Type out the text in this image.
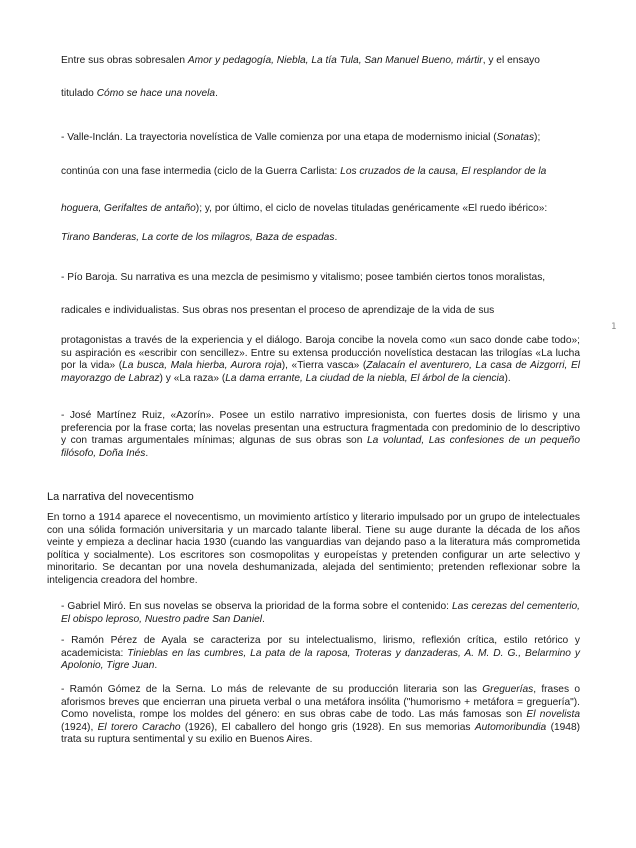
Entre sus obras sobresalen Amor y pedagogía, Niebla, La tía Tula, San Manuel Bueno, mártir, y el ensayo
titulado Cómo se hace una novela.
- Valle-Inclán. La trayectoria novelística de Valle comienza por una etapa de modernismo inicial (Sonatas);
continúa con una fase intermedia (ciclo de la Guerra Carlista: Los cruzados de la causa, El resplandor de la
hoguera, Gerifaltes de antaño); y, por último, el ciclo de novelas tituladas genéricamente «El ruedo ibérico»:
Tirano Banderas, La corte de los milagros, Baza de espadas.
- Pío Baroja. Su narrativa es una mezcla de pesimismo y vitalismo; posee también ciertos tonos moralistas,
radicales e individualistas. Sus obras nos presentan el proceso de aprendizaje de la vida de sus
protagonistas a través de la experiencia y el diálogo. Baroja concibe la novela como «un saco donde cabe todo»; su aspiración es «escribir con sencillez». Entre su extensa producción novelística destacan las trilogías «La lucha por la vida» (La busca, Mala hierba, Aurora roja), «Tierra vasca» (Zalacaín el aventurero, La casa de Aizgorri, El mayorazgo de Labraz) y «La raza» (La dama errante, La ciudad de la niebla, El árbol de la ciencia).
- José Martínez Ruiz, «Azorín». Posee un estilo narrativo impresionista, con fuertes dosis de lirismo y una preferencia por la frase corta; las novelas presentan una estructura fragmentada con predominio de lo descriptivo y con tramas argumentales mínimas; algunas de sus obras son La voluntad, Las confesiones de un pequeño filósofo, Doña Inés.
La narrativa del novecentismo
En torno a 1914 aparece el novecentismo, un movimiento artístico y literario impulsado por un grupo de intelectuales con una sólida formación universitaria y un marcado talante liberal. Tiene su auge durante la década de los años veinte y empieza a declinar hacia 1930 (cuando las vanguardias van dejando paso a la literatura más comprometida política y socialmente). Los escritores son cosmopolitas y europeístas y pretenden configurar un arte selectivo y minoritario. Se decantan por una novela deshumanizada, alejada del sentimiento; pretenden reflexionar sobre la inteligencia creadora del hombre.
- Gabriel Miró. En sus novelas se observa la prioridad de la forma sobre el contenido: Las cerezas del cementerio, El obispo leproso, Nuestro padre San Daniel.
- Ramón Pérez de Ayala se caracteriza por su intelectualismo, lirismo, reflexión crítica, estilo retórico y academicista: Tinieblas en las cumbres, La pata de la raposa, Troteras y danzaderas, A. M. D. G., Belarmino y Apolonio, Tigre Juan.
- Ramón Gómez de la Serna. Lo más de relevante de su producción literaria son las Greguerías, frases o aforismos breves que encierran una pirueta verbal o una metáfora insólita ("humorismo + metáfora = greguería"). Como novelista, rompe los moldes del género: en sus obras cabe de todo. Las más famosas son El novelista (1924), El torero Caracho (1926), El caballero del hongo gris (1928). En sus memorias Automoribundia (1948) trata su ruptura sentimental y su exilio en Buenos Aires.
1
